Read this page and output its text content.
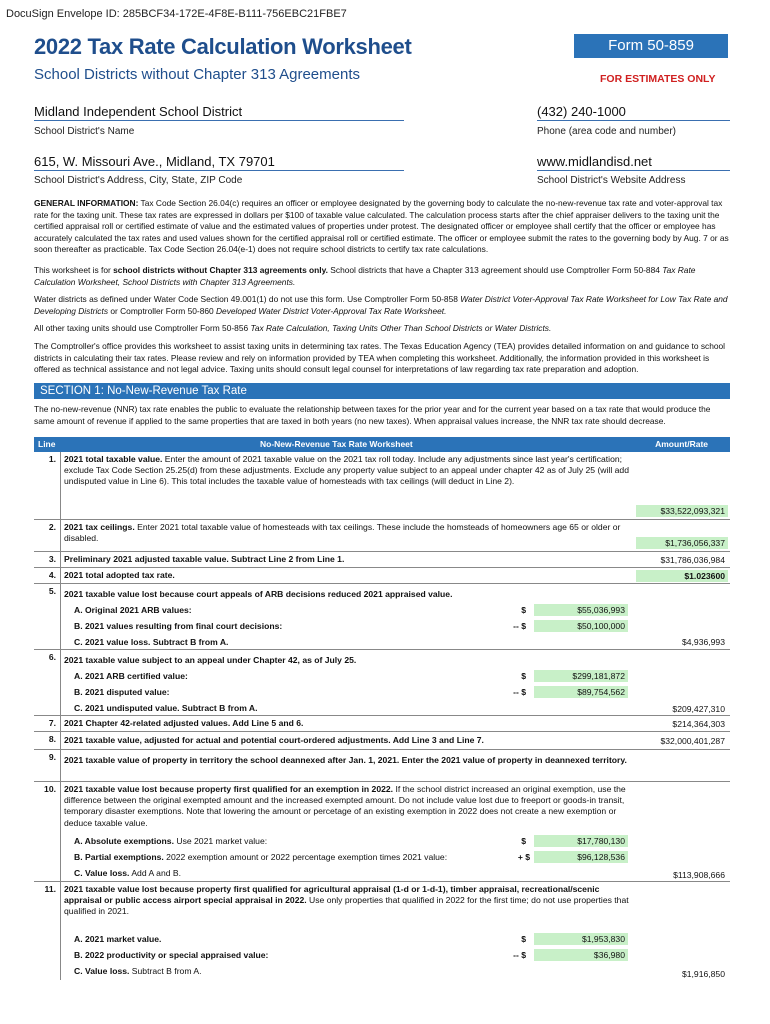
DocuSign Envelope ID: 285BCF34-172E-4F8E-B111-756EBC21FBE7
2022 Tax Rate Calculation Worksheet
School Districts without Chapter 313 Agreements
Form 50-859
FOR ESTIMATES ONLY
Midland Independent School District
School District's Name
(432) 240-1000
Phone (area code and number)
615, W. Missouri Ave., Midland, TX 79701
School District's Address, City, State, ZIP Code
www.midlandisd.net
School District's Website Address
GENERAL INFORMATION: Tax Code Section 26.04(c) requires an officer or employee designated by the governing body to calculate the no-new-revenue tax rate and voter-approval tax rate for the taxing unit. These tax rates are expressed in dollars per $100 of taxable value calculated. The calculation process starts after the chief appraiser delivers to the taxing unit the certified appraisal roll or certified estimate of value and the estimated values of properties under protest. The designated officer or employee shall certify that the officer or employee has accurately calculated the tax rates and used values shown for the certified appraisal roll or certified estimate. The officer or employee submit the rates to the governing body by Aug. 7 or as soon thereafter as practicable. Tax Code Section 26.04(e-1) does not require school districts to certify tax rate calculations.
This worksheet is for school districts without Chapter 313 agreements only. School districts that have a Chapter 313 agreement should use Comptroller Form 50-884 Tax Rate Calculation Worksheet, School Districts with Chapter 313 Agreements.
Water districts as defined under Water Code Section 49.001(1) do not use this form. Use Comptroller Form 50-858 Water District Voter-Approval Tax Rate Worksheet for Low Tax Rate and Developing Districts or Comptroller Form 50-860 Developed Water District Voter-Approval Tax Rate Worksheet.
All other taxing units should use Comptroller Form 50-856 Tax Rate Calculation, Taxing Units Other Than School Districts or Water Districts.
The Comptroller's office provides this worksheet to assist taxing units in determining tax rates. The Texas Education Agency (TEA) provides detailed information on and guidance to school districts in calculating their tax rates. Please review and rely on information provided by TEA when completing this worksheet. Additionally, the information provided in this worksheet is offered as technical assistance and not legal advice. Taxing units should consult legal counsel for interpretations of law regarding tax rate preparation and adoption.
SECTION 1: No-New-Revenue Tax Rate
The no-new-revenue (NNR) tax rate enables the public to evaluate the relationship between taxes for the prior year and for the current year based on a tax rate that would produce the same amount of revenue if applied to the same properties that are taxed in both years (no new taxes). When appraisal values increase, the NNR tax rate should decrease.
Line	No-New-Revenue Tax Rate Worksheet	Amount/Rate
1. 2021 total taxable value. Enter the amount of 2021 taxable value on the 2021 tax roll today. Include any adjustments since last year's certification; exclude Tax Code Section 25.25(d) from these adjustments. Exclude any property value subject to an appeal under chapter 42 as of July 25 (will add undisputed value in Line 6). This total includes the taxable value of homesteads with tax ceilings (will deduct in Line 2).
$33,522,093,321
2. 2021 tax ceilings. Enter 2021 total taxable value of homesteads with tax ceilings. These include the homsteads of homeowners age 65 or older or disabled.	$1,736,056,337
3. Preliminary 2021 adjusted taxable value. Subtract Line 2 from Line 1.	$31,786,036,984
4. 2021 total adopted tax rate.	$1.023600
5. 2021 taxable value lost because court appeals of ARB decisions reduced 2021 appraised value.
A. Original 2021 ARB values:	$	$55,036,993
B. 2021 values resulting from final court decisions:	-- $	$50,100,000
C. 2021 value loss. Subtract B from A.	$4,936,993
6. 2021 taxable value subject to an appeal under Chapter 42, as of July 25.
A. 2021 ARB certified value:	$	$299,181,872
B. 2021 disputed value:	-- $	$89,754,562
C. 2021 undisputed value. Subtract B from A.	$209,427,310
7. 2021 Chapter 42-related adjusted values. Add Line 5 and 6.	$214,364,303
8. 2021 taxable value, adjusted for actual and potential court-ordered adjustments. Add Line 3 and Line 7.	$32,000,401,287
9. 2021 taxable value of property in territory the school deannexed after Jan. 1, 2021. Enter the 2021 value of property in deannexed territory.
10. 2021 taxable value lost because property first qualified for an exemption in 2022. If the school district increased an original exemption, use the difference between the original exempted amount and the increased exempted amount. Do not include value lost due to freeport or goods-in transit, temporary disaster exemptions. Note that lowering the amount or percetage of an existing exemption in 2022 does not create a new exemption or deduce taxable value.
A. Absolute exemptions. Use 2021 market value:	$	$17,780,130
B. Partial exemptions. 2022 exemption amount or 2022 percentage exemption times 2021 value:	+ $	$96,128,536
C. Value loss. Add A and B.	$113,908,666
11. 2021 taxable value lost because property first qualified for agricultural appraisal (1-d or 1-d-1), timber appraisal, recreational/scenic appraisal or public access airport special appraisal in 2022. Use only properties that qualified in 2022 for the first time; do not use properties that qualified in 2021.
A. 2021 market value.	$	$1,953,830
B. 2022 productivity or special appraised value:	-- $	$36,980
C. Value loss. Subtract B from A.	$1,916,850
